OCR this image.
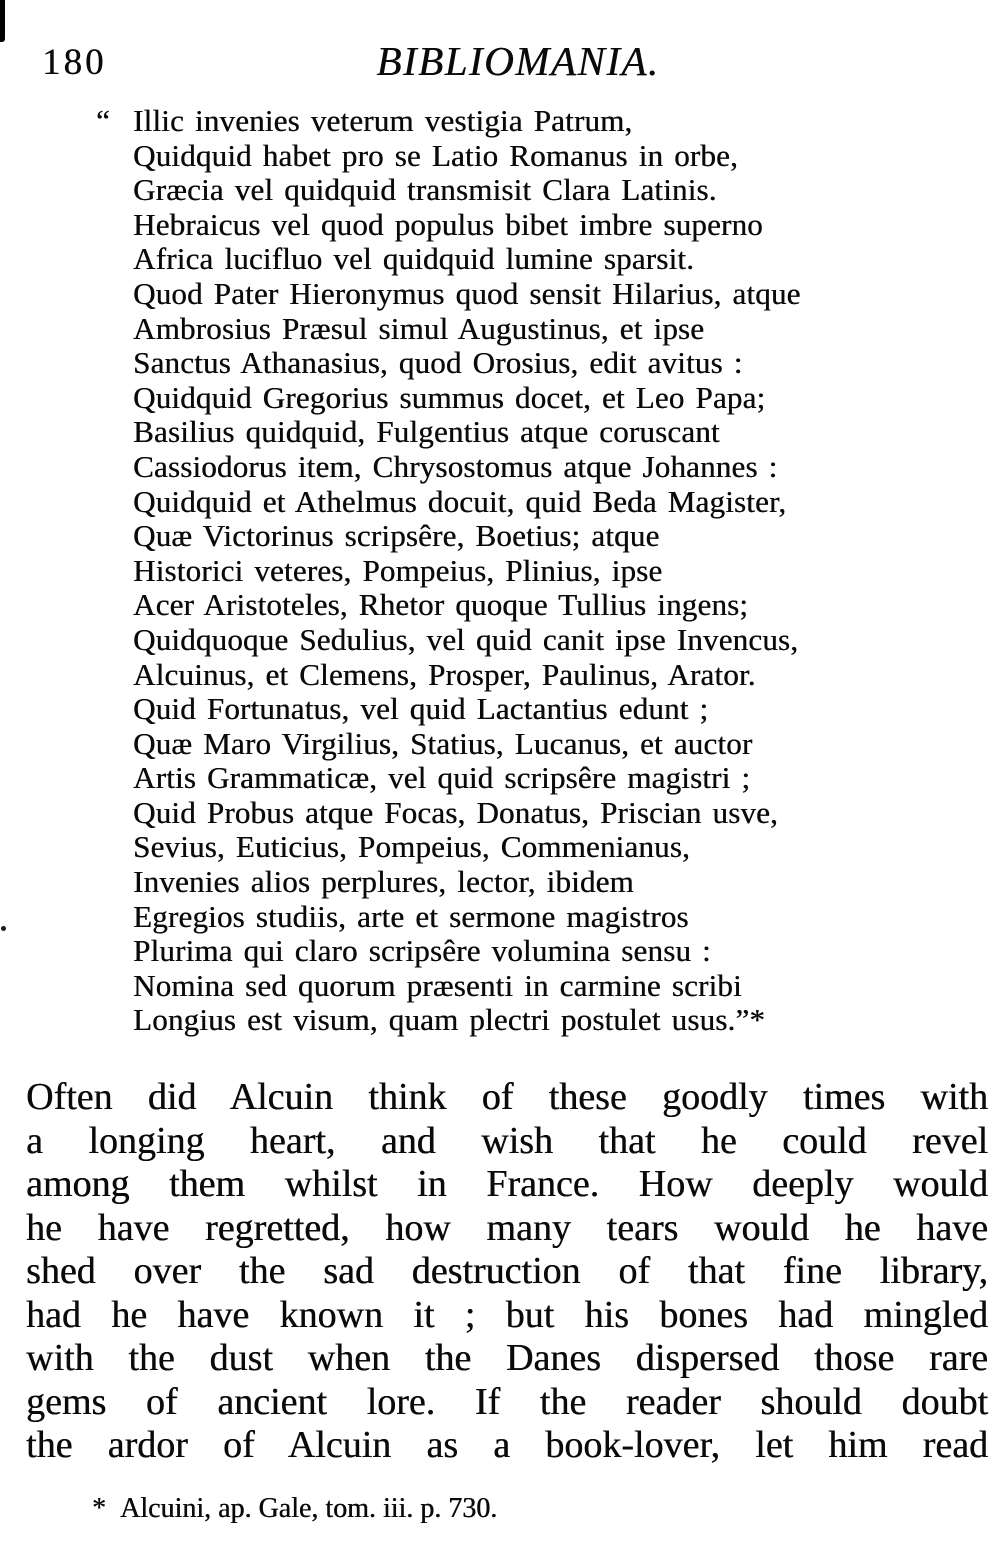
180	BIBLIOMANIA.
“ Illic invenies veterum vestigia Patrum,
Quidquid habet pro se Latio Romanus in orbe,
Græcia vel quidquid transmisit Clara Latinis.
Hebraicus vel quod populus bibet imbre superno
Africa lucifluo vel quidquid lumine sparsit.
Quod Pater Hieronymus quod sensit Hilarius, atque
Ambrosius Præsul simul Augustinus, et ipse
Sanctus Athanasius, quod Orosius, edit avitus :
Quidquid Gregorius summus docet, et Leo Papa;
Basilius quidquid, Fulgentius atque coruscant
Cassiodorus item, Chrysostomus atque Johannes :
Quidquid et Athelmus docuit, quid Beda Magister,
Quæ Victorinus scripsêre, Boetius; atque
Historici veteres, Pompeius, Plinius, ipse
Acer Aristoteles, Rhetor quoque Tullius ingens;
Quidquoque Sedulius, vel quid canit ipse Invencus,
Alcuinus, et Clemens, Prosper, Paulinus, Arator.
Quid Fortunatus, vel quid Lactantius edunt ;
Quæ Maro Virgilius, Statius, Lucanus, et auctor
Artis Grammaticæ, vel quid scripsêre magistri ;
Quid Probus atque Focas, Donatus, Priscian usve,
Sevius, Euticius, Pompeius, Commenianus,
Invenies alios perplures, lector, ibidem
Egregios studiis, arte et sermone magistros
Plurima qui claro scripsêre volumina sensu :
Nomina sed quorum præsenti in carmine scribi
Longius est visum, quam plectri postulet usus.”*
Often did Alcuin think of these goodly times with
a longing heart, and wish that he could revel
among them whilst in France. How deeply would
he have regretted, how many tears would he have
shed over the sad destruction of that fine library,
had he have known it ; but his bones had mingled
with the dust when the Danes dispersed those rare
gems of ancient lore. If the reader should doubt
the ardor of Alcuin as a book-lover, let him read
* Alcuini, ap. Gale, tom. iii. p. 730.
